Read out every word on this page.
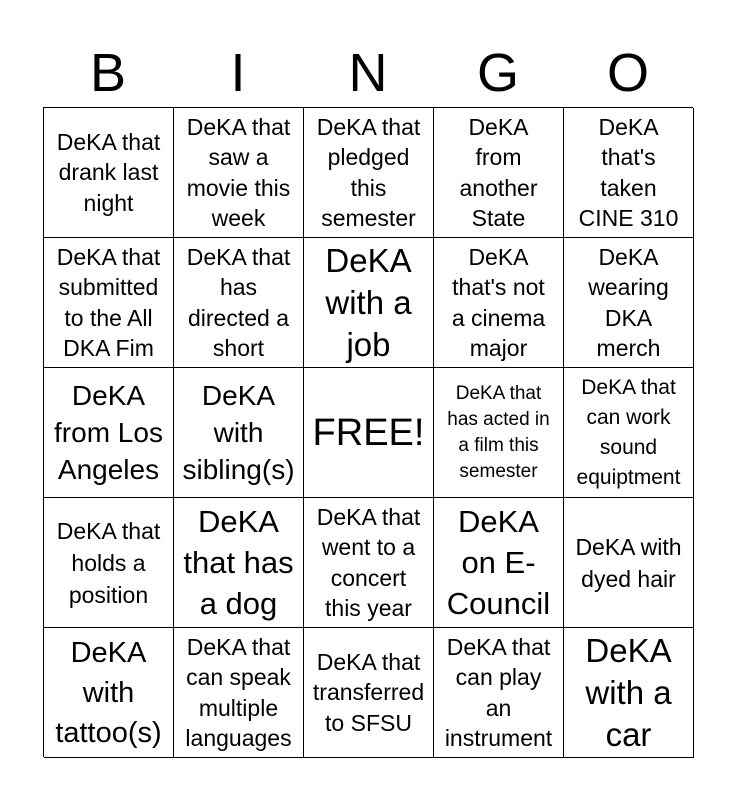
B	I	N	G	O
DeKA that
drank last
night
DeKA that
saw a
movie this
week
DeKA that
pledged
this
semester
DeKA
from
another
State
DeKA
that's
taken
CINE 310
DeKA that
submitted
to the All
DKA Fim
DeKA that
has
directed a
short
DeKA
with a
job
DeKA
that's not
a cinema
major
DeKA
wearing
DKA
merch
DeKA
from Los
Angeles
DeKA
with
sibling(s)
FREE!
DeKA that
has acted in
a film this
semester
DeKA that
can work
sound
equiptment
DeKA that
holds a
position
DeKA
that has
a dog
DeKA that
went to a
concert
this year
DeKA
on E-
Council
DeKA with
dyed hair
DeKA
with
tattoo(s)
DeKA that
can speak
multiple
languages
DeKA that
transferred
to SFSU
DeKA that
can play
an
instrument
DeKA
with a
car
